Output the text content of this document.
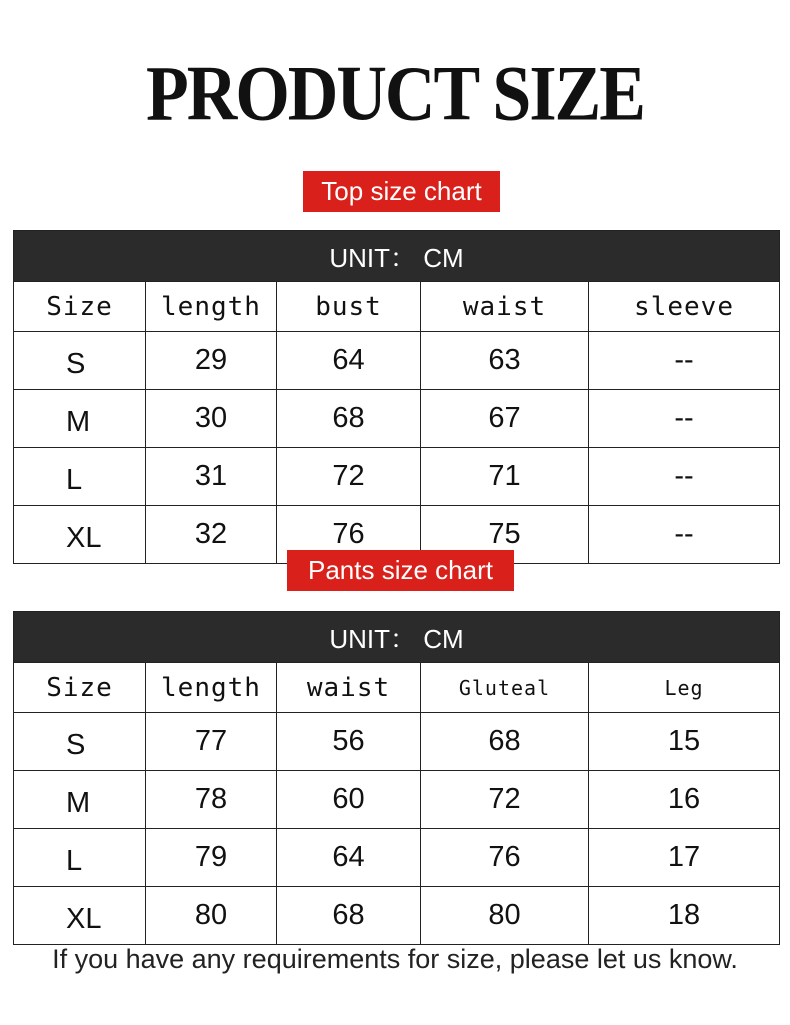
PRODUCT SIZE
Top size chart
UNIT： CM				
Size	length	bust	waist	sleeve
S	29	64	63	--
M	30	68	67	--
L	31	72	71	--
XL	32	76	75	--
Pants size chart
UNIT： CM				
Size	length	waist	Gluteal	Leg
S	77	56	68	15
M	78	60	72	16
L	79	64	76	17
XL	80	68	80	18
If you have any requirements for size, please let us know.
